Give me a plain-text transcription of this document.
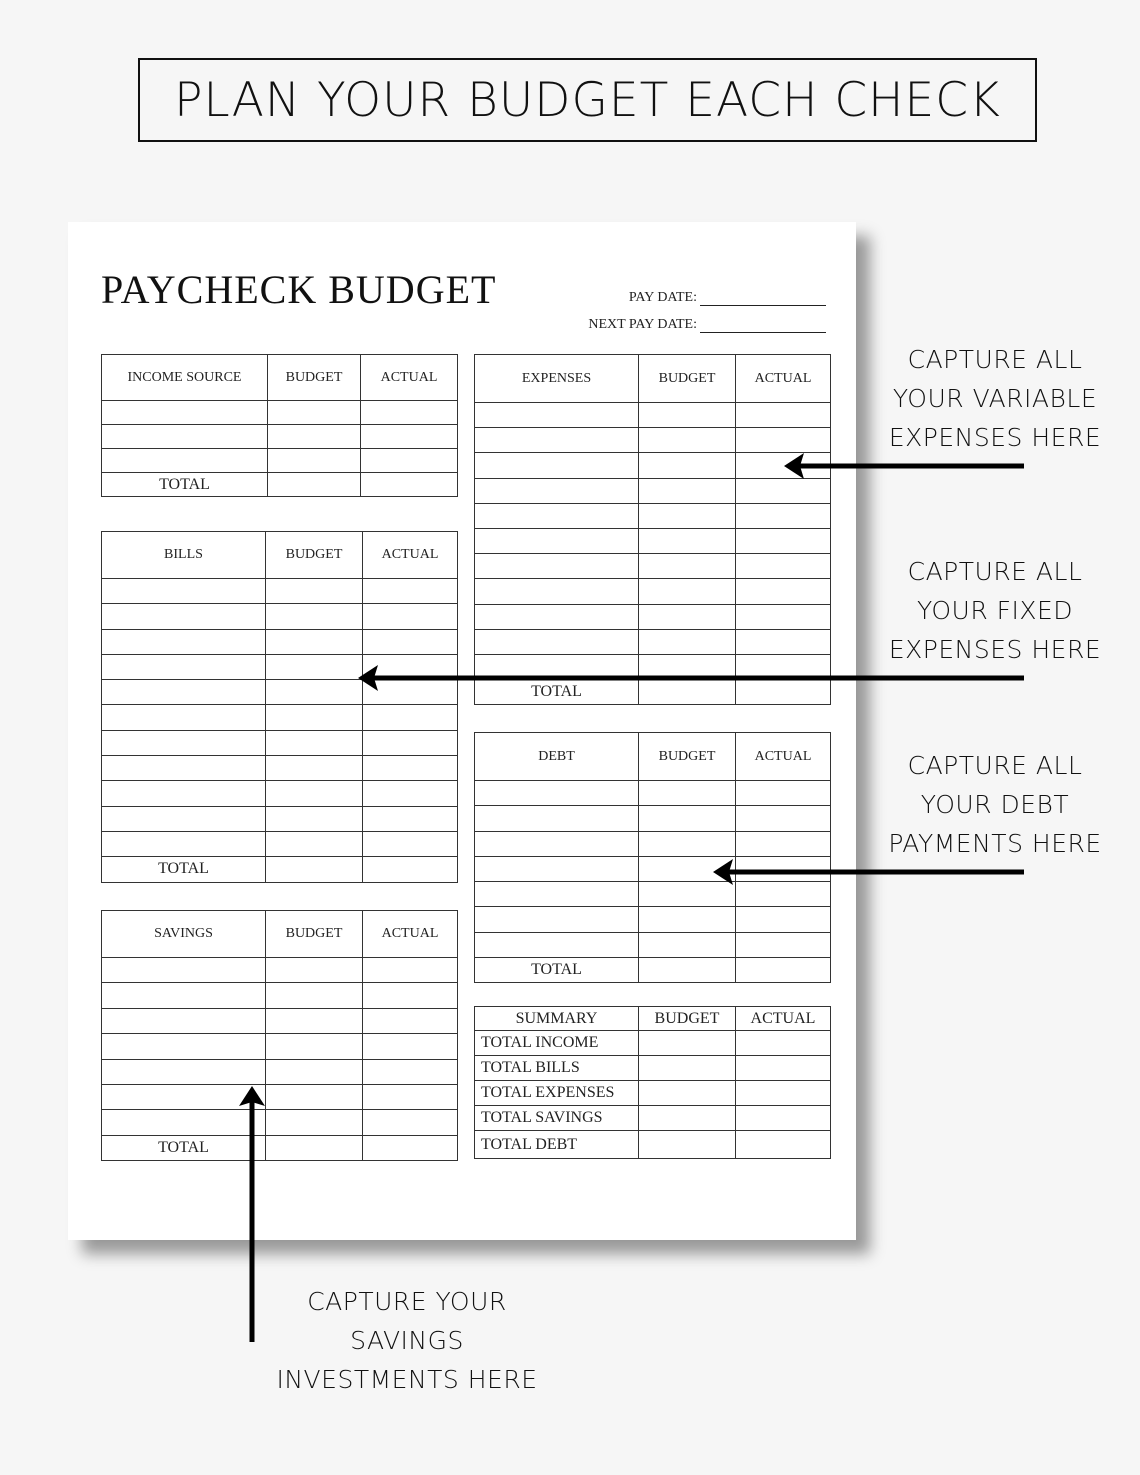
PLAN YOUR BUDGET EACH CHECK
PAYCHECK BUDGET	PAY DATE:
NEXT PAY DATE:
INCOME SOURCE	BUDGET	ACTUAL

TOTAL		
BILLS	BUDGET	ACTUAL

TOTAL		
SAVINGS	BUDGET	ACTUAL

TOTAL		
EXPENSES	BUDGET	ACTUAL

TOTAL		
DEBT	BUDGET	ACTUAL

TOTAL		
SUMMARY	BUDGET	ACTUAL
TOTAL INCOME		
TOTAL BILLS		
TOTAL EXPENSES		
TOTAL SAVINGS		
TOTAL DEBT		
CAPTURE ALL
YOUR VARIABLE
EXPENSES HERE
CAPTURE ALL
YOUR FIXED
EXPENSES HERE
CAPTURE ALL
YOUR DEBT
PAYMENTS HERE
CAPTURE YOUR
SAVINGS
INVESTMENTS HERE
